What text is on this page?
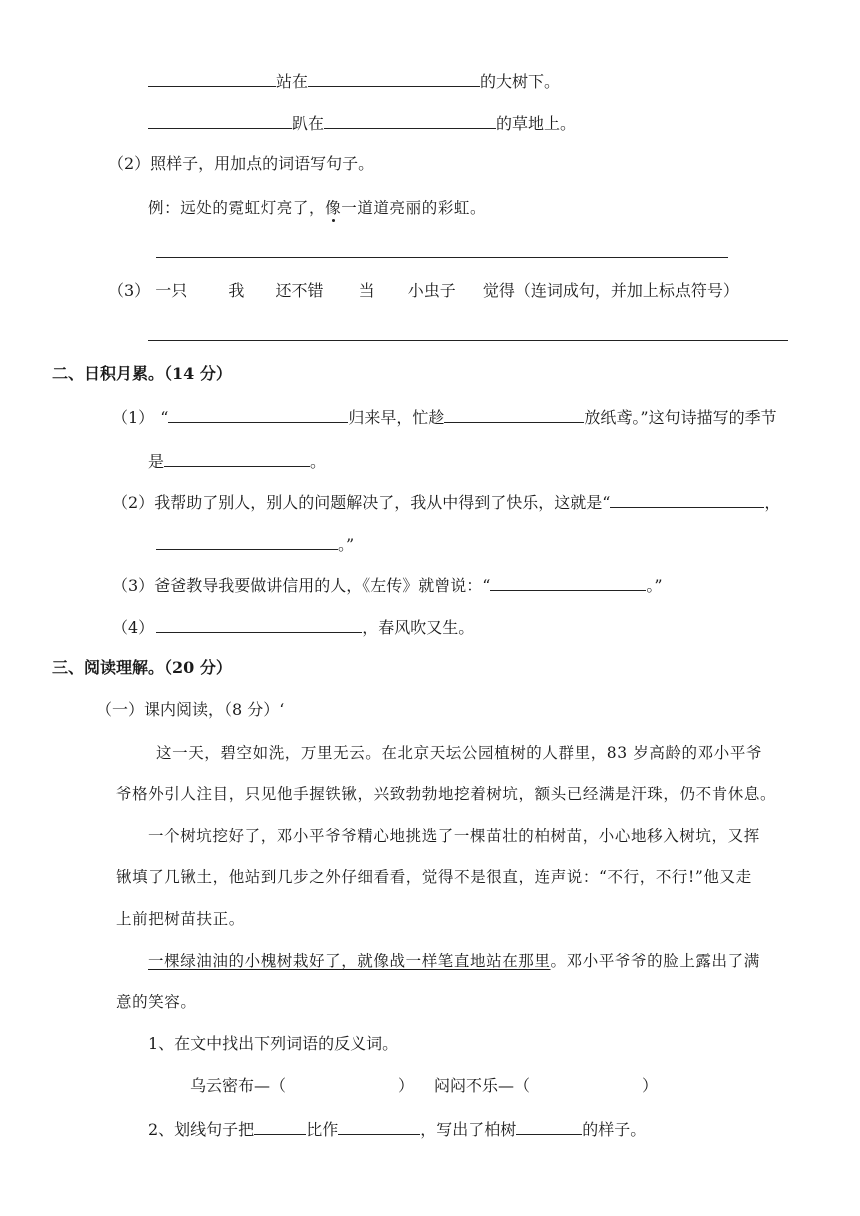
站在	的大树下。
趴在	的草地上。
（2）照样子，用加点的词语写句子。
例：远处的霓虹灯亮了，像一道道亮丽的彩虹。
（3） 一只	我 还不错 当 小虫子 觉得（连词成句，并加上标点符号）
二、日积月累。（14 分）
（1） “	归来早，忙趁	放纸鸢。”这句诗描写的季节
是	。
（2）我帮助了别人，别人的问题解决了，我从中得到了快乐，这就是“	，
。”
（3）爸爸教导我要做讲信用的人，《左传》就曾说：“	。”
（4）	，春风吹又生。
三、阅读理解。（20 分）
（一）课内阅读，（8 分）‘
这一天，碧空如洗，万里无云。在北京天坛公园植树的人群里，83 岁高龄的邓小平爷
爷格外引人注目，只见他手握铁锹，兴致勃勃地挖着树坑，额头已经满是汗珠，仍不肯休息。
一个树坑挖好了，邓小平爷爷精心地挑选了一棵苗壮的柏树苗，小心地移入树坑，又挥
锹填了几锹土，他站到几步之外仔细看看，觉得不是很直，连声说：“不行，不行!”他又走
上前把树苗扶正。
一棵绿油油的小槐树栽好了，就像战一样笔直地站在那里。邓小平爷爷的脸上露出了满
意的笑容。
1、在文中找出下列词语的反义词。
乌云密布—（	） 闷闷不乐—（	）
2、划线句子把	比作	，写出了柏树	的样子。
